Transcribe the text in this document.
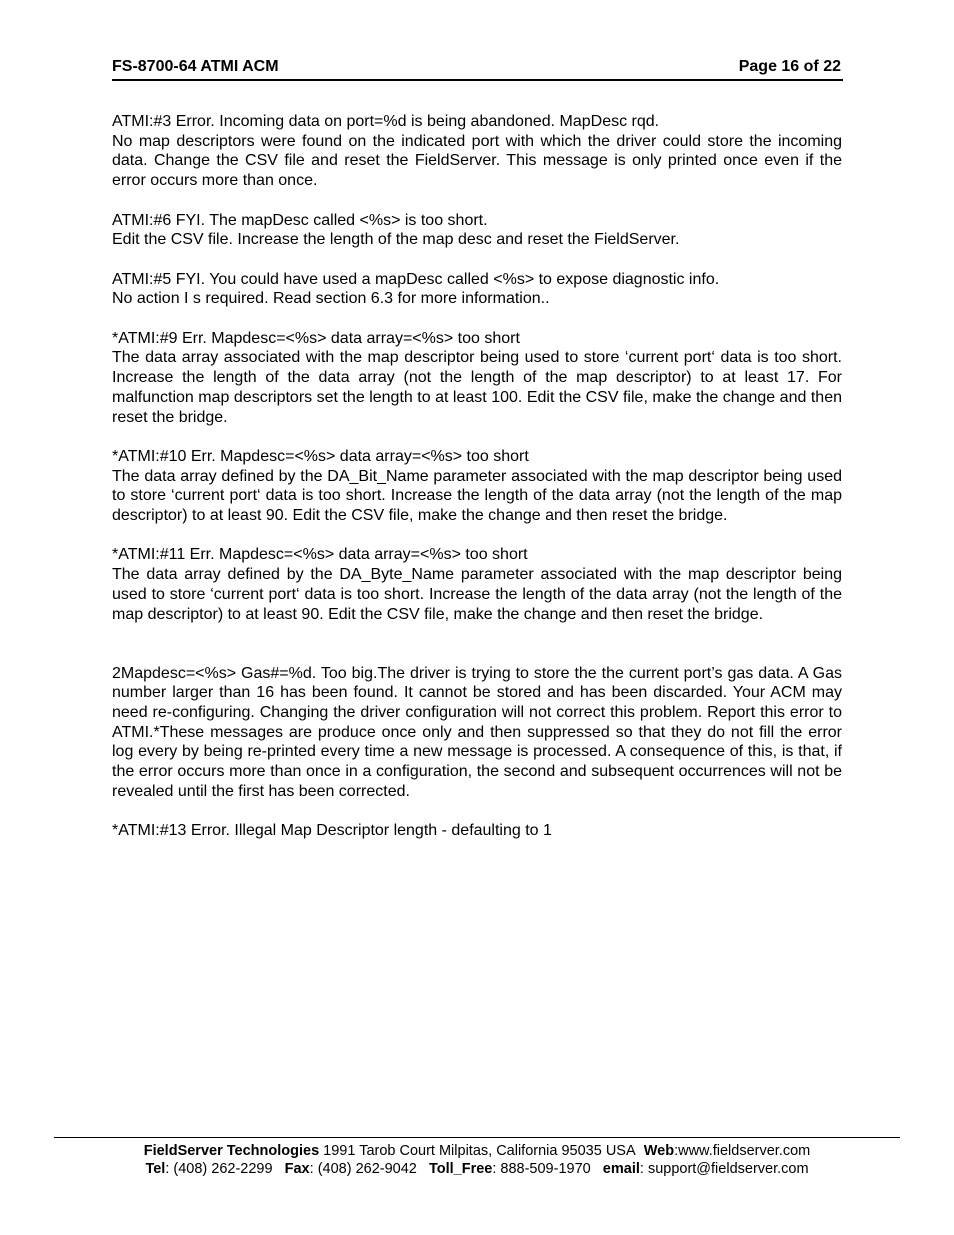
FS-8700-64 ATMI ACM	Page 16 of 22

ATMI:#3 Error. Incoming data on port=%d is being abandoned. MapDesc rqd.

No map descriptors were found on the indicated port with which the driver could store the incoming data. Change the CSV file and reset the FieldServer. This message is only printed once even if the error occurs more than once.

ATMI:#6 FYI. The mapDesc called <%s> is too short.

Edit the CSV file. Increase the length of the map desc and reset the FieldServer.

ATMI:#5 FYI. You could have used a mapDesc called <%s> to expose diagnostic info.

No action I s required. Read section 6.3 for more information..

*ATMI:#9 Err. Mapdesc=<%s> data array=<%s> too short

The data array associated with the map descriptor being used to store ‘current port‘ data is too short. Increase the length of the data array (not the length of the map descriptor) to at least 17. For malfunction map descriptors set the length to at least 100. Edit the CSV file, make the change and then reset the bridge.

*ATMI:#10 Err. Mapdesc=<%s> data array=<%s> too short

The data array defined by the DA_Bit_Name parameter associated with the map descriptor being used to store ‘current port‘ data is too short. Increase the length of the data array (not the length of the map descriptor) to at least 90. Edit the CSV file, make the change and then reset the bridge.

*ATMI:#11 Err. Mapdesc=<%s> data array=<%s> too short

The data array defined by the DA_Byte_Name parameter associated with the map descriptor being used to store ‘current port‘ data is too short. Increase the length of the data array (not the length of the map descriptor) to at least 90. Edit the CSV file, make the change and then reset the bridge.

2Mapdesc=<%s> Gas#=%d. Too big.The driver is trying to store the the current port’s gas data. A Gas number larger than 16 has been found. It cannot be stored and has been discarded. Your ACM may need re-configuring. Changing the driver configuration will not correct this problem. Report this error to ATMI.*These messages are produce once only and then suppressed so that they do not fill the error log every by being re-printed every time a new message is processed. A consequence of this, is that, if the error occurs more than once in a configuration, the second and subsequent occurrences will not be revealed until the first has been corrected.

*ATMI:#13 Error. Illegal Map Descriptor length - defaulting to 1

FieldServer Technologies 1991 Tarob Court Milpitas, California 95035 USA Web:www.fieldserver.com
Tel: (408) 262-2299 Fax: (408) 262-9042 Toll_Free: 888-509-1970 email: support@fieldserver.com
